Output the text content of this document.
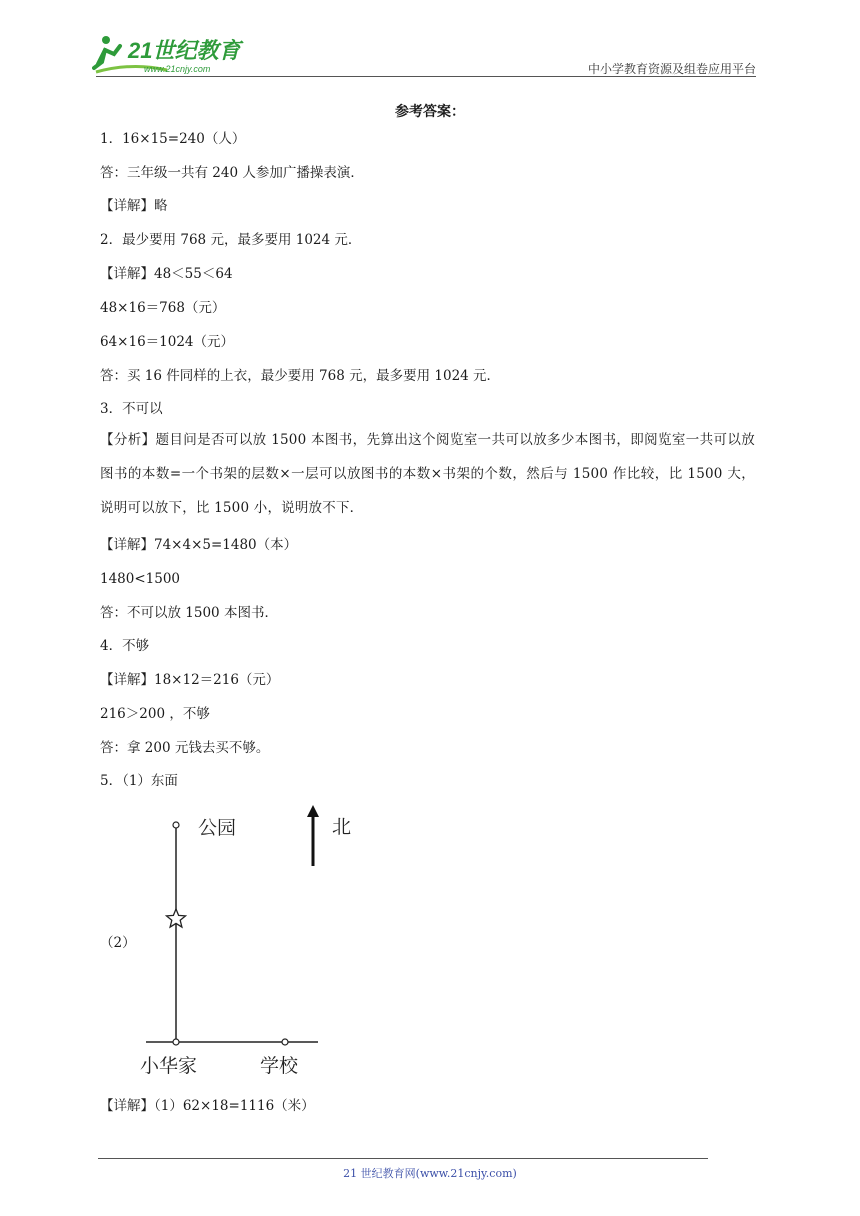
21世纪教育
www.21cnjy.com	中小学教育资源及组卷应用平台
参考答案：
1．16×15=240（人）
答：三年级一共有 240 人参加广播操表演．
【详解】略
2．最少要用 768 元，最多要用 1024 元．
【详解】48＜55＜64
48×16＝768（元）
64×16＝1024（元）
答：买 16 件同样的上衣，最少要用 768 元，最多要用 1024 元．
3．不可以
【分析】题目问是否可以放 1500 本图书，先算出这个阅览室一共可以放多少本图书，即阅览室一共可以放图书的本数=一个书架的层数×一层可以放图书的本数×书架的个数，然后与 1500 作比较，比 1500 大，说明可以放下，比 1500 小，说明放不下．
【详解】74×4×5=1480（本）
1480<1500
答：不可以放 1500 本图书．
4．不够
【详解】18×12＝216（元）
216＞200 ，不够
答：拿 200 元钱去买不够。
5．（1）东面
（2）
公园	北
小华家	学校
【详解】（1）62×18=1116（米）
21 世纪教育网(www.21cnjy.com)
